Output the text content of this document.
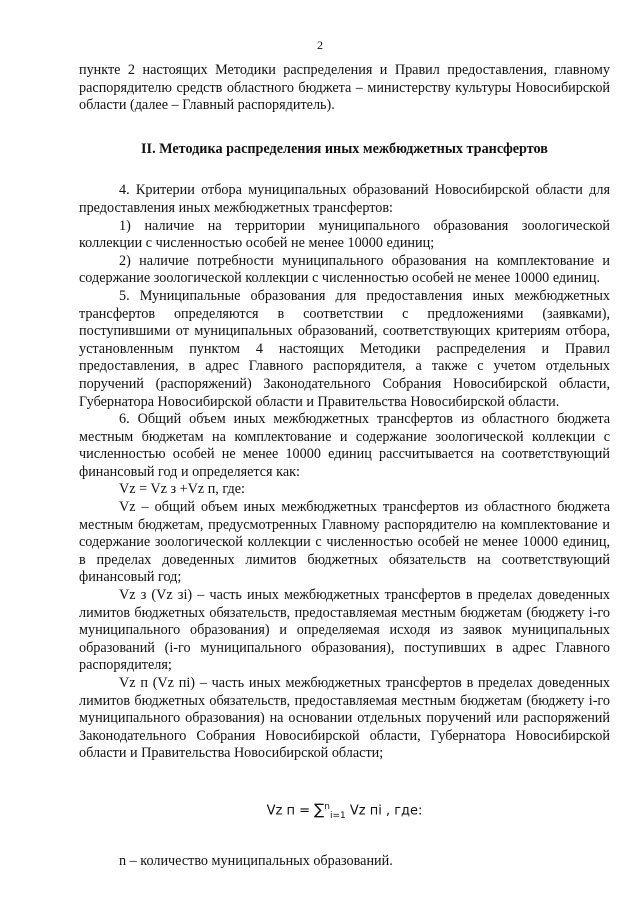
2

пункте 2 настоящих Методики распределения и Правил предоставления, главному распорядителю средств областного бюджета – министерству культуры Новосибирской области (далее – Главный распорядитель).

II. Методика распределения иных межбюджетных трансфертов

4. Критерии отбора муниципальных образований Новосибирской области для предоставления иных межбюджетных трансфертов:

1) наличие на территории муниципального образования зоологической коллекции с численностью особей не менее 10000 единиц;

2) наличие потребности муниципального образования на комплектование и содержание зоологической коллекции с численностью особей не менее 10000 единиц.

5. Муниципальные образования для предоставления иных межбюджетных трансфертов определяются в соответствии с предложениями (заявками), поступившими от муниципальных образований, соответствующих критериям отбора, установленным пунктом 4 настоящих Методики распределения и Правил предоставления, в адрес Главного распорядителя, а также с учетом отдельных поручений (распоряжений) Законодательного Собрания Новосибирской области, Губернатора Новосибирской области и Правительства Новосибирской области.

6. Общий объем иных межбюджетных трансфертов из областного бюджета местным бюджетам на комплектование и содержание зоологической коллекции с численностью особей не менее 10000 единиц рассчитывается на соответствующий финансовый год и определяется как:

Vz = Vz з +Vz п, где:

Vz – общий объем иных межбюджетных трансфертов из областного бюджета местным бюджетам, предусмотренных Главному распорядителю на комплектование и содержание зоологической коллекции с численностью особей не менее 10000 единиц, в пределах доведенных лимитов бюджетных обязательств на соответствующий финансовый год;

Vz з (Vz зi) – часть иных межбюджетных трансфертов в пределах доведенных лимитов бюджетных обязательств, предоставляемая местным бюджетам (бюджету i-го муниципального образования) и определяемая исходя из заявок муниципальных образований (i-го муниципального образования), поступивших в адрес Главного распорядителя;

Vz п (Vz пi) – часть иных межбюджетных трансфертов в пределах доведенных лимитов бюджетных обязательств, предоставляемая местным бюджетам (бюджету i-го муниципального образования) на основании отдельных поручений или распоряжений Законодательного Собрания Новосибирской области, Губернатора Новосибирской области и Правительства Новосибирской области;

Vz п = ∑$^n_{i=1}$ Vz пi , где:

n – количество муниципальных образований.
